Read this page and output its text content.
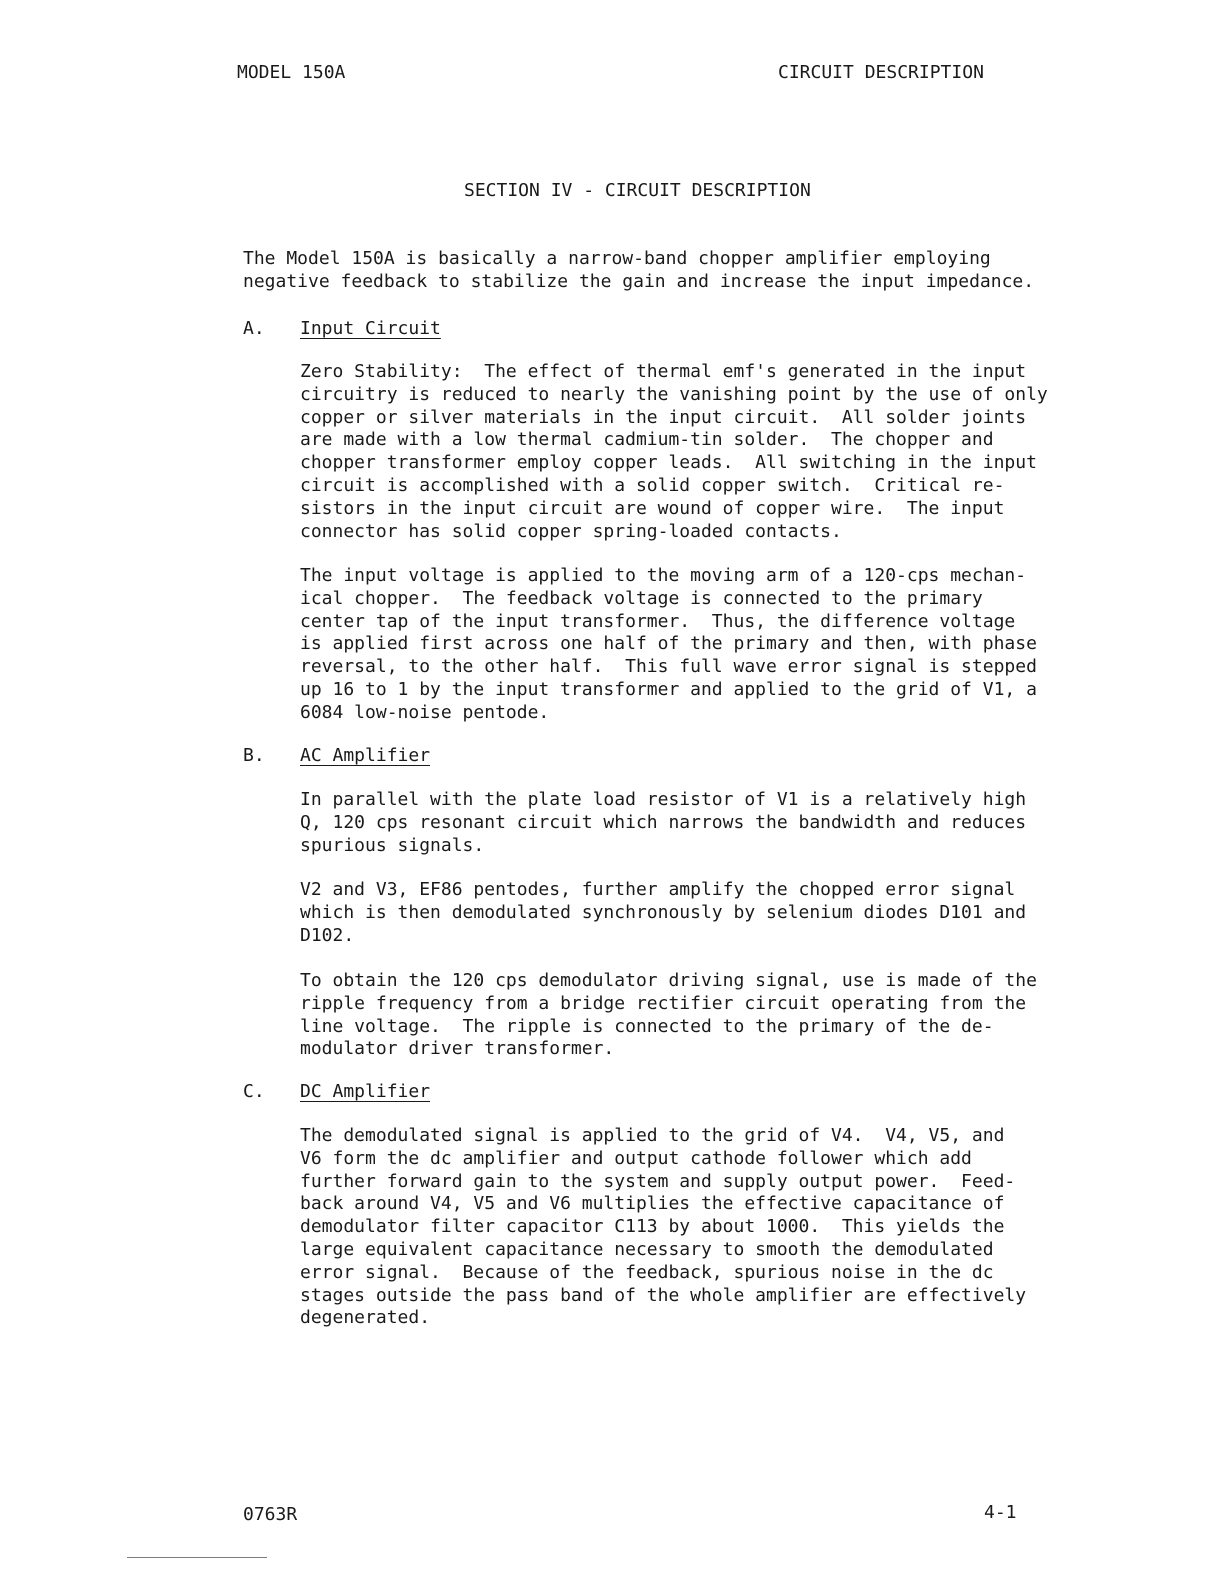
MODEL 150A	CIRCUIT DESCRIPTION
SECTION IV - CIRCUIT DESCRIPTION
The Model 150A is basically a narrow-band chopper amplifier employing
negative feedback to stabilize the gain and increase the input impedance.
A. Input Circuit
Zero Stability:  The effect of thermal emf's generated in the input
circuitry is reduced to nearly the vanishing point by the use of only
copper or silver materials in the input circuit.  All solder joints
are made with a low thermal cadmium-tin solder.  The chopper and
chopper transformer employ copper leads.  All switching in the input
circuit is accomplished with a solid copper switch.  Critical re-
sistors in the input circuit are wound of copper wire.  The input
connector has solid copper spring-loaded contacts.
The input voltage is applied to the moving arm of a 120-cps mechan-
ical chopper.  The feedback voltage is connected to the primary
center tap of the input transformer.  Thus, the difference voltage
is applied first across one half of the primary and then, with phase
reversal, to the other half.  This full wave error signal is stepped
up 16 to 1 by the input transformer and applied to the grid of V1, a
6084 low-noise pentode.
B. AC Amplifier
In parallel with the plate load resistor of V1 is a relatively high
Q, 120 cps resonant circuit which narrows the bandwidth and reduces
spurious signals.
V2 and V3, EF86 pentodes, further amplify the chopped error signal
which is then demodulated synchronously by selenium diodes D101 and
D102.
To obtain the 120 cps demodulator driving signal, use is made of the
ripple frequency from a bridge rectifier circuit operating from the
line voltage.  The ripple is connected to the primary of the de-
modulator driver transformer.
C. DC Amplifier
The demodulated signal is applied to the grid of V4.  V4, V5, and
V6 form the dc amplifier and output cathode follower which add
further forward gain to the system and supply output power.  Feed-
back around V4, V5 and V6 multiplies the effective capacitance of
demodulator filter capacitor C113 by about 1000.  This yields the
large equivalent capacitance necessary to smooth the demodulated
error signal.  Because of the feedback, spurious noise in the dc
stages outside the pass band of the whole amplifier are effectively
degenerated.
0763R	4-1
